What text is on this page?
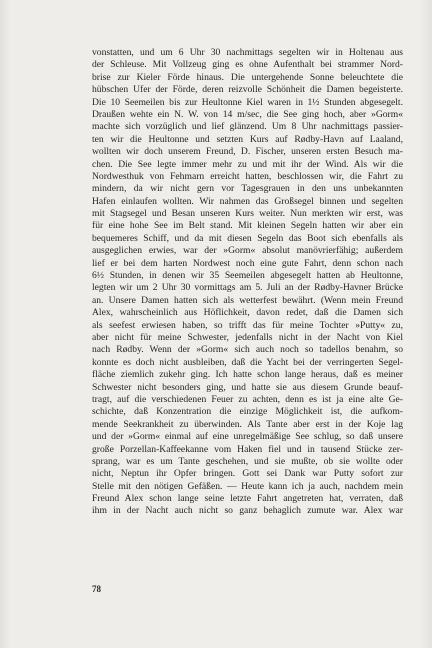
vonstatten, und um 6 Uhr 30 nachmittags segelten wir in Holtenau aus
der Schleuse. Mit Vollzeug ging es ohne Aufenthalt bei strammer Nord-
brise zur Kieler Förde hinaus. Die untergehende Sonne beleuchtete die
hübschen Ufer der Förde, deren reizvolle Schönheit die Damen begeisterte.
Die 10 Seemeilen bis zur Heultonne Kiel waren in 1½ Stunden abgesegelt.
Draußen wehte ein N. W. von 14 m/sec, die See ging hoch, aber »Gorm«
machte sich vorzüglich und lief glänzend. Um 8 Uhr nachmittags passier-
ten wir die Heultonne und setzten Kurs auf Rødby-Havn auf Laaland,
wollten wir doch unserem Freund, D. Fischer, unseren ersten Besuch ma-
chen. Die See legte immer mehr zu und mit ihr der Wind. Als wir die
Nordwesthuk von Fehmarn erreicht hatten, beschlossen wir, die Fahrt zu
mindern, da wir nicht gern vor Tagesgrauen in den uns unbekannten
Hafen einlaufen wollten. Wir nahmen das Großsegel binnen und segelten
mit Stagsegel und Besan unseren Kurs weiter. Nun merkten wir erst, was
für eine hohe See im Belt stand. Mit kleinen Segeln hatten wir aber ein
bequemeres Schiff, und da mit diesen Segeln das Boot sich ebenfalls als
ausgeglichen erwies, war der »Gorm« absolut manövrierfähig; außerdem
lief er bei dem harten Nordwest noch eine gute Fahrt, denn schon nach
6½ Stunden, in denen wir 35 Seemeilen abgesegelt hatten ab Heultonne,
legten wir um 2 Uhr 30 vormittags am 5. Juli an der Rødby-Havner Brücke
an. Unsere Damen hatten sich als wetterfest bewährt. (Wenn mein Freund
Alex, wahrscheinlich aus Höflichkeit, davon redet, daß die Damen sich
als seefest erwiesen haben, so trifft das für meine Tochter »Putty« zu,
aber nicht für meine Schwester, jedenfalls nicht in der Nacht von Kiel
nach Rødby. Wenn der »Gorm« sich auch noch so tadellos benahm, so
konnte es doch nicht ausbleiben, daß die Yacht bei der verringerten Segel-
fläche ziemlich zukehr ging. Ich hatte schon lange heraus, daß es meiner
Schwester nicht besonders ging, und hatte sie aus diesem Grunde beauf-
tragt, auf die verschiedenen Feuer zu achten, denn es ist ja eine alte Ge-
schichte, daß Konzentration die einzige Möglichkeit ist, die aufkom-
mende Seekrankheit zu überwinden. Als Tante aber erst in der Koje lag
und der »Gorm« einmal auf eine unregelmäßige See schlug, so daß unsere
große Porzellan-Kaffeekanne vom Haken fiel und in tausend Stücke zer-
sprang, war es um Tante geschehen, und sie mußte, ob sie wollte oder
nicht, Neptun ihr Opfer bringen. Gott sei Dank war Putty sofort zur
Stelle mit den nötigen Gefäßen. — Heute kann ich ja auch, nachdem mein
Freund Alex schon lange seine letzte Fahrt angetreten hat, verraten, daß
ihm in der Nacht auch nicht so ganz behaglich zumute war. Alex war
78
